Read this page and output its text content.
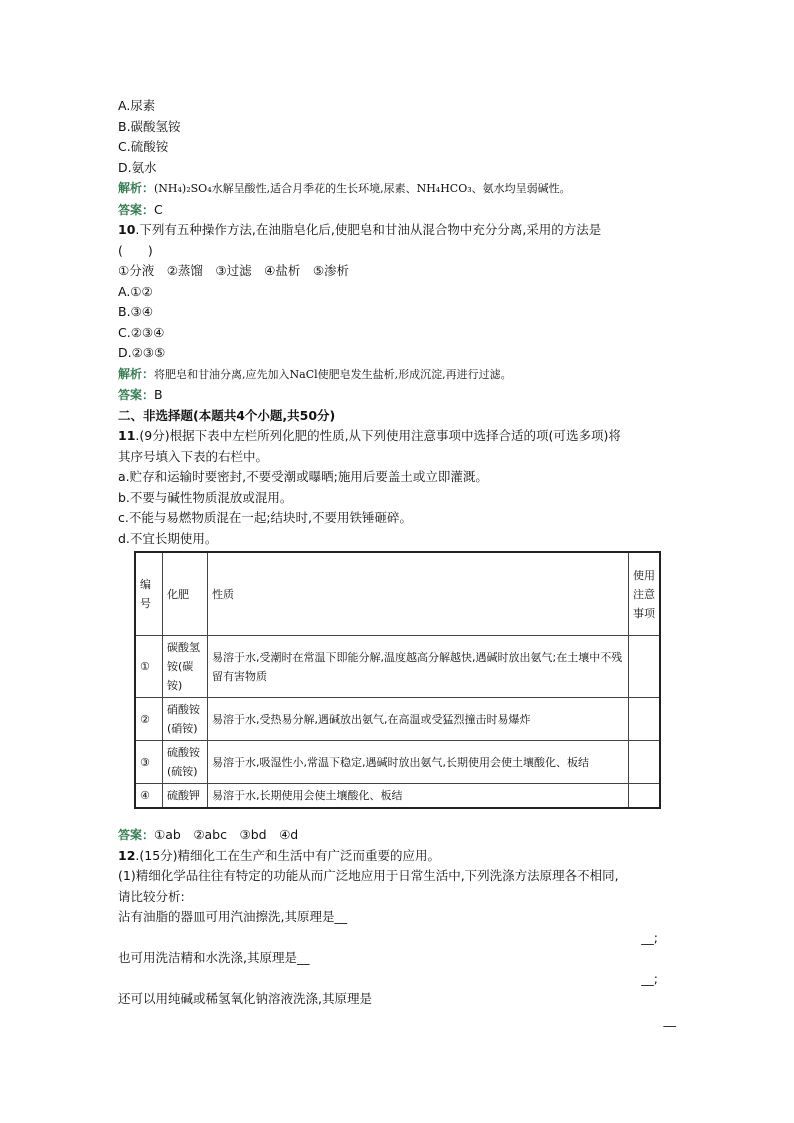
A.尿素
B.碳酸氢铵
C.硫酸铵
D.氨水
解析：(NH₄)₂SO₄水解呈酸性,适合月季花的生长环境,尿素、NH₄HCO₃、氨水均呈弱碱性。
答案：C
10.下列有五种操作方法,在油脂皂化后,使肥皂和甘油从混合物中充分分离,采用的方法是
(　　)
①分液　②蒸馏　③过滤　④盐析　⑤渗析
A.①②
B.③④
C.②③④
D.②③⑤
解析：将肥皂和甘油分离,应先加入NaCl使肥皂发生盐析,形成沉淀,再进行过滤。
答案：B
二、非选择题(本题共4个小题,共50分)
11.(9分)根据下表中左栏所列化肥的性质,从下列使用注意事项中选择合适的项(可选多项)将
其序号填入下表的右栏中。
a.贮存和运输时要密封,不要受潮或曝晒;施用后要盖土或立即灌溉。
b.不要与碱性物质混放或混用。
c.不能与易燃物质混在一起;结块时,不要用铁锤砸碎。
d.不宜长期使用。
编号	化肥	性质	使用注意事项
①	碳酸氢铵(碳铵)	易溶于水,受潮时在常温下即能分解,温度越高分解越快,遇碱时放出氨气;在土壤中不残留有害物质	
②	硝酸铵(硝铵)	易溶于水,受热易分解,遇碱放出氨气,在高温或受猛烈撞击时易爆炸	
③	硫酸铵(硫铵)	易溶于水,吸湿性小,常温下稳定,遇碱时放出氨气,长期使用会使土壤酸化、板结	
④	硫酸钾	易溶于水,长期使用会使土壤酸化、板结	
答案：①ab　②abc　③bd　④d
12.(15分)精细化工在生产和生活中有广泛而重要的应用。
(1)精细化学品往往有特定的功能从而广泛地应用于日常生活中,下列洗涤方法原理各不相同,
请比较分析:
沾有油脂的器皿可用汽油擦洗,其原理是__
__;
也可用洗洁精和水洗涤,其原理是__
__;
还可以用纯碱或稀氢氧化钠溶液洗涤,其原理是
__
